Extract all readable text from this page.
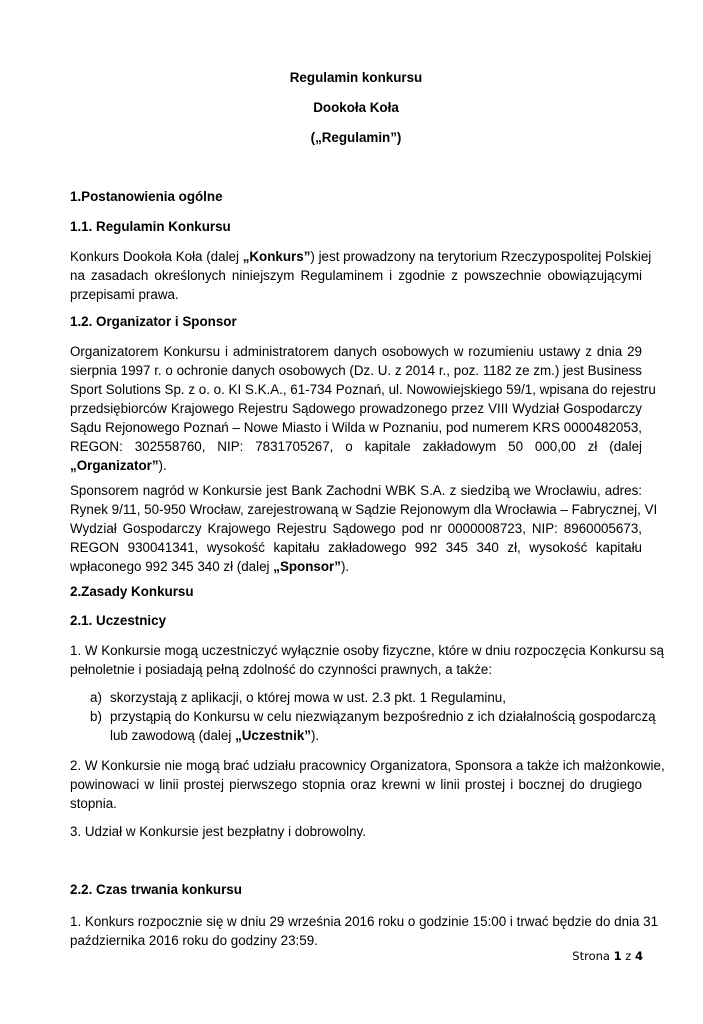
Regulamin konkursu
Dookoła Koła
(„Regulamin”)
1.Postanowienia ogólne
1.1. Regulamin Konkursu
Konkurs Dookoła Koła (dalej „Konkurs”) jest prowadzony na terytorium Rzeczypospolitej Polskiej
na zasadach określonych niniejszym Regulaminem i zgodnie z powszechnie obowiązującymi
przepisami prawa.
1.2. Organizator i Sponsor
Organizatorem Konkursu i administratorem danych osobowych w rozumieniu ustawy z dnia 29
sierpnia 1997 r. o ochronie danych osobowych (Dz. U. z 2014 r., poz. 1182 ze zm.) jest Business
Sport Solutions Sp. z o. o. KI S.K.A., 61-734 Poznań, ul. Nowowiejskiego 59/1, wpisana do rejestru
przedsiębiorców Krajowego Rejestru Sądowego prowadzonego przez VIII Wydział Gospodarczy
Sądu Rejonowego Poznań – Nowe Miasto i Wilda w Poznaniu, pod numerem KRS 0000482053,
REGON: 302558760, NIP: 7831705267, o kapitale zakładowym 50 000,00 zł (dalej
„Organizator”).
Sponsorem nagród w Konkursie jest Bank Zachodni WBK S.A. z siedzibą we Wrocławiu, adres:
Rynek 9/11, 50-950 Wrocław, zarejestrowaną w Sądzie Rejonowym dla Wrocławia – Fabrycznej, VI
Wydział Gospodarczy Krajowego Rejestru Sądowego pod nr 0000008723, NIP: 8960005673,
REGON 930041341, wysokość kapitału zakładowego 992 345 340 zł, wysokość kapitału
wpłaconego 992 345 340 zł (dalej „Sponsor”).
2.Zasady Konkursu
2.1. Uczestnicy
1. W Konkursie mogą uczestniczyć wyłącznie osoby fizyczne, które w dniu rozpoczęcia Konkursu są
pełnoletnie i posiadają pełną zdolność do czynności prawnych, a także:
a) skorzystają z aplikacji, o której mowa w ust. 2.3 pkt. 1 Regulaminu,
b) przystąpią do Konkursu w celu niezwiązanym bezpośrednio z ich działalnością gospodarczą
lub zawodową (dalej „Uczestnik”).
2. W Konkursie nie mogą brać udziału pracownicy Organizatora, Sponsora a także ich małżonkowie,
powinowaci w linii prostej pierwszego stopnia oraz krewni w linii prostej i bocznej do drugiego
stopnia.
3. Udział w Konkursie jest bezpłatny i dobrowolny.
2.2. Czas trwania konkursu
1. Konkurs rozpocznie się w dniu 29 września 2016 roku o godzinie 15:00 i trwać będzie do dnia 31
października 2016 roku do godziny 23:59.
Strona 1 z 4
